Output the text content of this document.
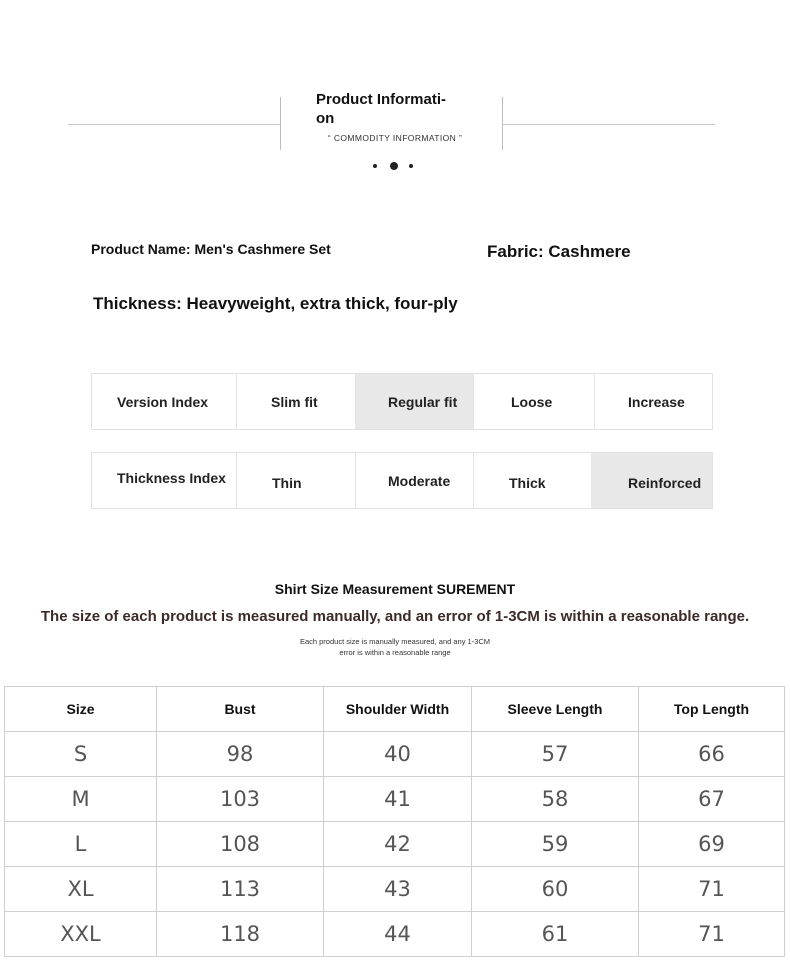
Product Informati-
on
“ COMMODITY INFORMATION ”
Product Name: Men's Cashmere Set	Fabric: Cashmere
Thickness: Heavyweight, extra thick, four-ply
Version Index	Slim fit	Regular fit	Loose	Increase
Thickness Index	Thin	Moderate	Thick	Reinforced
Shirt Size Measurement SUREMENT
The size of each product is measured manually, and an error of 1-3CM is within a reasonable range.
Each product size is manually measured, and any 1-3CM
error is within a reasonable range
Size	Bust	Shoulder Width	Sleeve Length	Top Length
S	98	40	57	66
M	103	41	58	67
L	108	42	59	69
XL	113	43	60	71
XXL	118	44	61	71
